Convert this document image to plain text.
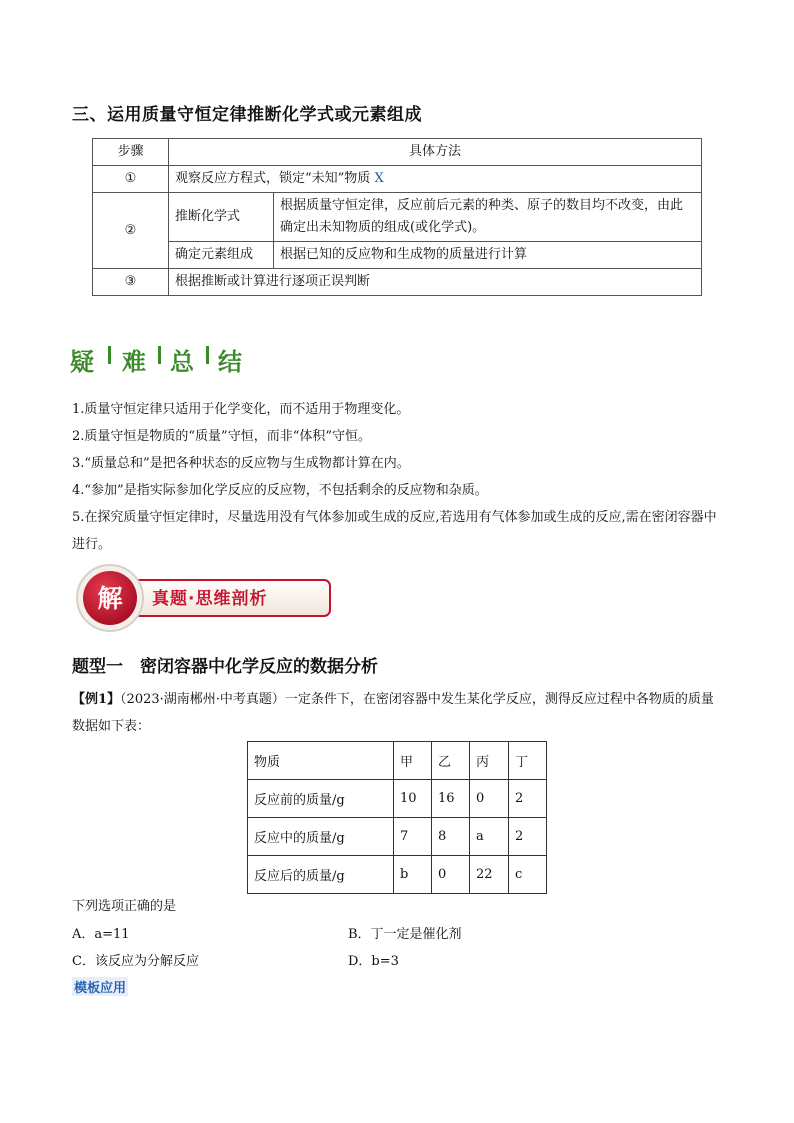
三、运用质量守恒定律推断化学式或元素组成
步骤	具体方法	
①	观察反应方程式，锁定“未知”物质 X	
②	推断化学式	根据质量守恒定律，反应前后元素的种类、原子的数目均不改变，由此确定出未知物质的组成(或化学式)。
	确定元素组成	根据已知的反应物和生成物的质量进行计算
③	根据推断或计算进行逐项正误判断	
疑 难 总 结

1.质量守恒定律只适用于化学变化，而不适用于物理变化。

2.质量守恒是物质的“质量”守恒，而非“体积”守恒。

3.“质量总和”是把各种状态的反应物与生成物都计算在内。

4.“参加”是指实际参加化学反应的反应物，不包括剩余的反应物和杂质。

5.在探究质量守恒定律时，尽量选用没有气体参加或生成的反应,若选用有气体参加或生成的反应,需在密闭容器中进行。

解 真题·思维剖析
题型一　密闭容器中化学反应的数据分析

【例1】（2023·湖南郴州·中考真题）一定条件下，在密闭容器中发生某化学反应，测得反应过程中各物质的质量数据如下表：

物质	甲	乙	丙	丁
反应前的质量/g	10	16	0	2
反应中的质量/g	7	8	a	2
反应后的质量/g	b	0	22	c
下列选项正确的是
A．a=11	B．丁一定是催化剂
C．该反应为分解反应	D．b=3
模板应用
